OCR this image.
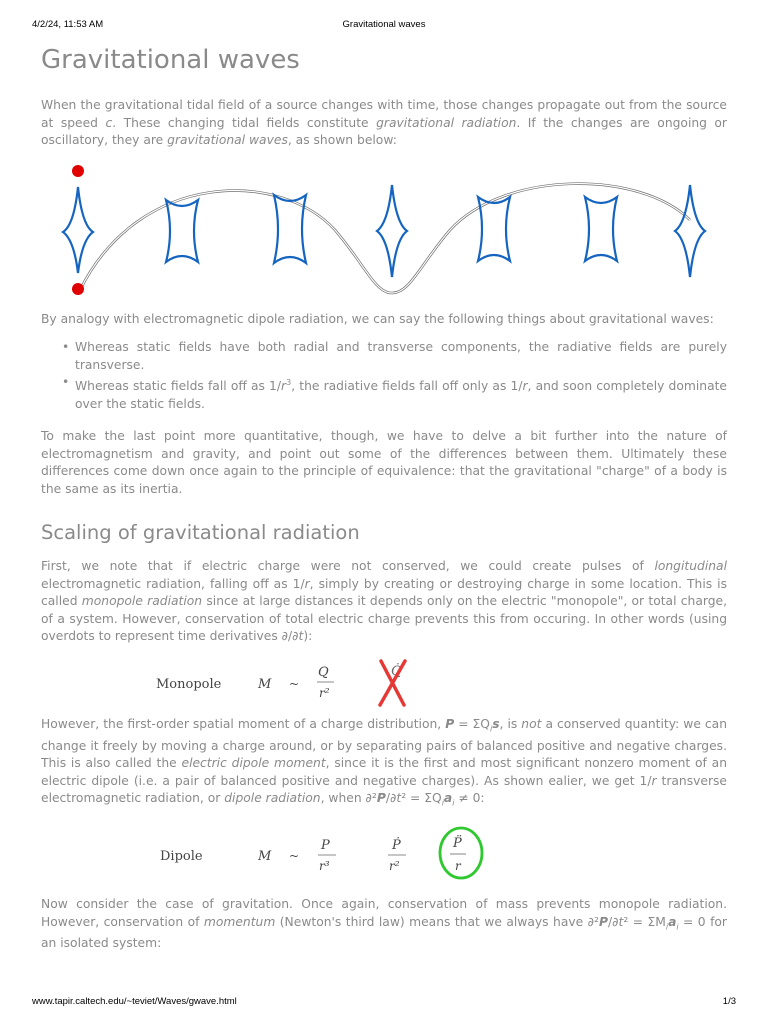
4/2/24, 11:53 AM	Gravitational waves
Gravitational waves

When the gravitational tidal field of a source changes with time, those changes propagate out from the source at speed c. These changing tidal fields constitute gravitational radiation. If the changes are ongoing or oscillatory, they are gravitational waves, as shown below:

By analogy with electromagnetic dipole radiation, we can say the following things about gravitational waves:

• Whereas static fields have both radial and transverse components, the radiative fields are purely transverse.
• Whereas static fields fall off as $1/r^3$, the radiative fields fall off only as 1/r, and soon completely dominate over the static fields.

To make the last point more quantitative, though, we have to delve a bit further into the nature of electromagnetism and gravity, and point out some of the differences between them. Ultimately these differences come down once again to the principle of equivalence: that the gravitational "charge" of a body is the same as its inertia.

Scaling of gravitational radiation

First, we note that if electric charge were not conserved, we could create pulses of longitudinal electromagnetic radiation, falling off as 1/r, simply by creating or destroying charge in some location. This is called monopole radiation since at large distances it depends only on the electric "monopole", or total charge, of a system. However, conservation of total electric charge prevents this from occuring. In other words (using overdots to represent time derivatives ∂/∂t):

Monopole	M ~
Q
r²
Q̇

However, the first-order spatial moment of a charge distribution, $P = \Sigma Q_is$, is not a conserved quantity: we can change it freely by moving a charge around, or by separating pairs of balanced positive and negative charges. This is also called the electric dipole moment, since it is the first and most significant nonzero moment of an electric dipole (i.e. a pair of balanced positive and negative charges). As shown ealier, we get 1/r transverse electromagnetic radiation, or dipole radiation, when $\partial^2P/\partial t^2 = \Sigma Q_ia_i \ne 0$:

Dipole	M ~
P
r³
Ṗ
r²
P̈
r

Now consider the case of gravitation. Once again, conservation of mass prevents monopole radiation. However, conservation of momentum (Newton's third law) means that we always have $\partial^2P/\partial t^2 = \Sigma M_ia_i = 0$ for an isolated system:

www.tapir.caltech.edu/~teviet/Waves/gwave.html	1/3
